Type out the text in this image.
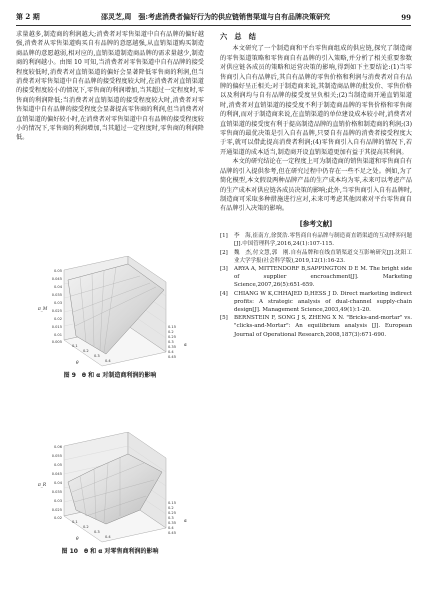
第 2 期	邵灵芝,周　强:考虑消费者偏好行为的供应链销售渠道与自有品牌决策研究	99

求量越多,制造商的利润越大;消费者对零售渠道中自有品牌的偏好越强,消费者从零售渠道购买自有品牌的意愿越强,从直销渠道购买制造商品牌的意愿越弱,相对应的,直销渠道制造商品牌的需求量越少,制造商的利润越小。由图 10 可知,当消费者对零售渠道中自有品牌的接受程度较低时,消费者对直销渠道的偏好会显著降低零售商的利润,但当消费者对零售渠道中自有品牌的接受程度较大时,在消费者对直销渠道的接受程度较小的情况下,零售商的利润增加,当其超过一定程度时,零售商的利润降低;当消费者对直销渠道的接受程度较大时,消费者对零售渠道中自有品牌的接受程度会显著提高零售商的利润,但当消费者对直销渠道的偏好较小时,在消费者对零售渠道中自有品牌的接受程度较小的情况下,零售商的利润增加,当其超过一定程度时,零售商的利润降低。

0.05
0.045
0.04
0.035
0.03
0.025
0.02
0.015
0.01
0.005
π_M
0.15
0.2
0.25
0.3
0.35
0.4
0.45
α
0.1
0.2
0.3
0.4
θ
图 9　θ 和 α 对制造商利润的影响
0.06
0.055
0.05
0.045
0.04
0.035
0.03
0.025
0.02
π_R
0.15
0.2
0.25
0.3
0.35
0.4
0.45
α
0.1
0.2
0.3
0.4
θ
图 10　θ 和 α 对零售商利润的影响
六　总　结

本文研究了一个制造商和平台零售商组成的供应链,探究了制造商的零售渠道策略和零售商自有品牌的引入策略,并分析了相关重要参数对供应链各成员的策略和运营决策的影响,得到如下主要结论:(1)当零售商引入自有品牌后,其自有品牌的零售价格和利润与消费者对自有品牌的偏好呈正相关;对于制造商来说,其制造商品牌的批发价、零售价格以及利润均与自有品牌的接受度呈负相关;(2)当制造商开通直销渠道时,消费者对直销渠道的接受度不利于制造商品牌的零售价格和零售商的利润,而对于制造商来说,在直销渠道的单位建设成本较小时,消费者对直销渠道的接受度有利于提高制造品牌的直销价格和制造商的利润;(3)零售商的最优决策是引入自有品牌,只要自有品牌的消费者接受程度大于零,就可以借此提高消费者利润;(4)零售商引入自有品牌的情况下,若开通渠道的成本适当,制造商开设直销渠道更加有益于其提高其利润。

本文的研究结论在一定程度上可为制造商的销售渠道和零售商自有品牌的引入提供参考,但在研究过程中仍存在一些不足之处。例如,为了简化模型,本文假设两种品牌产品的生产成本均为零,未来可以考虑产品的生产成本对供应链各成员决策的影响;此外,当零售商引入自有品牌时,制造商可采取多种措施进行应对,未来可考虑其他因素对平台零售商自有品牌引入决策的影响。

[参考文献]
[1]	李　海,崔南方,徐贤浩.零售商自有品牌与制造商直销渠道的互动博弈问题[J].中国管理科学,2016,24(1):107-115.
[2]	魏　杰,付文慧,郭　刚.自有品牌和在线直销渠道交互影响研究[J].沈阳工业大学学报(社会科学版),2019,12(1):16-23.
[3]	ARYA A, MITTENDORF B,SAPPINGTON D E M. The bright side of supplier encroachment[J]. Marketing Science,2007,26(5):651-659.
[4]	CHIANG W K,CHHAJED D,HESS J D. Direct marketing indirect profits: A strategic analysis of dual-channel supply-chain design[J]. Management Science,2003,49(1):1-20.
[5]	BERNSTEIN F, SONG J S, ZHENG X N. "Bricks-and-mortar" vs. "clicks-and-Mortar": An equilibrium analysis [J]. European Journal of Operational Research,2008,187(3):671-690.
